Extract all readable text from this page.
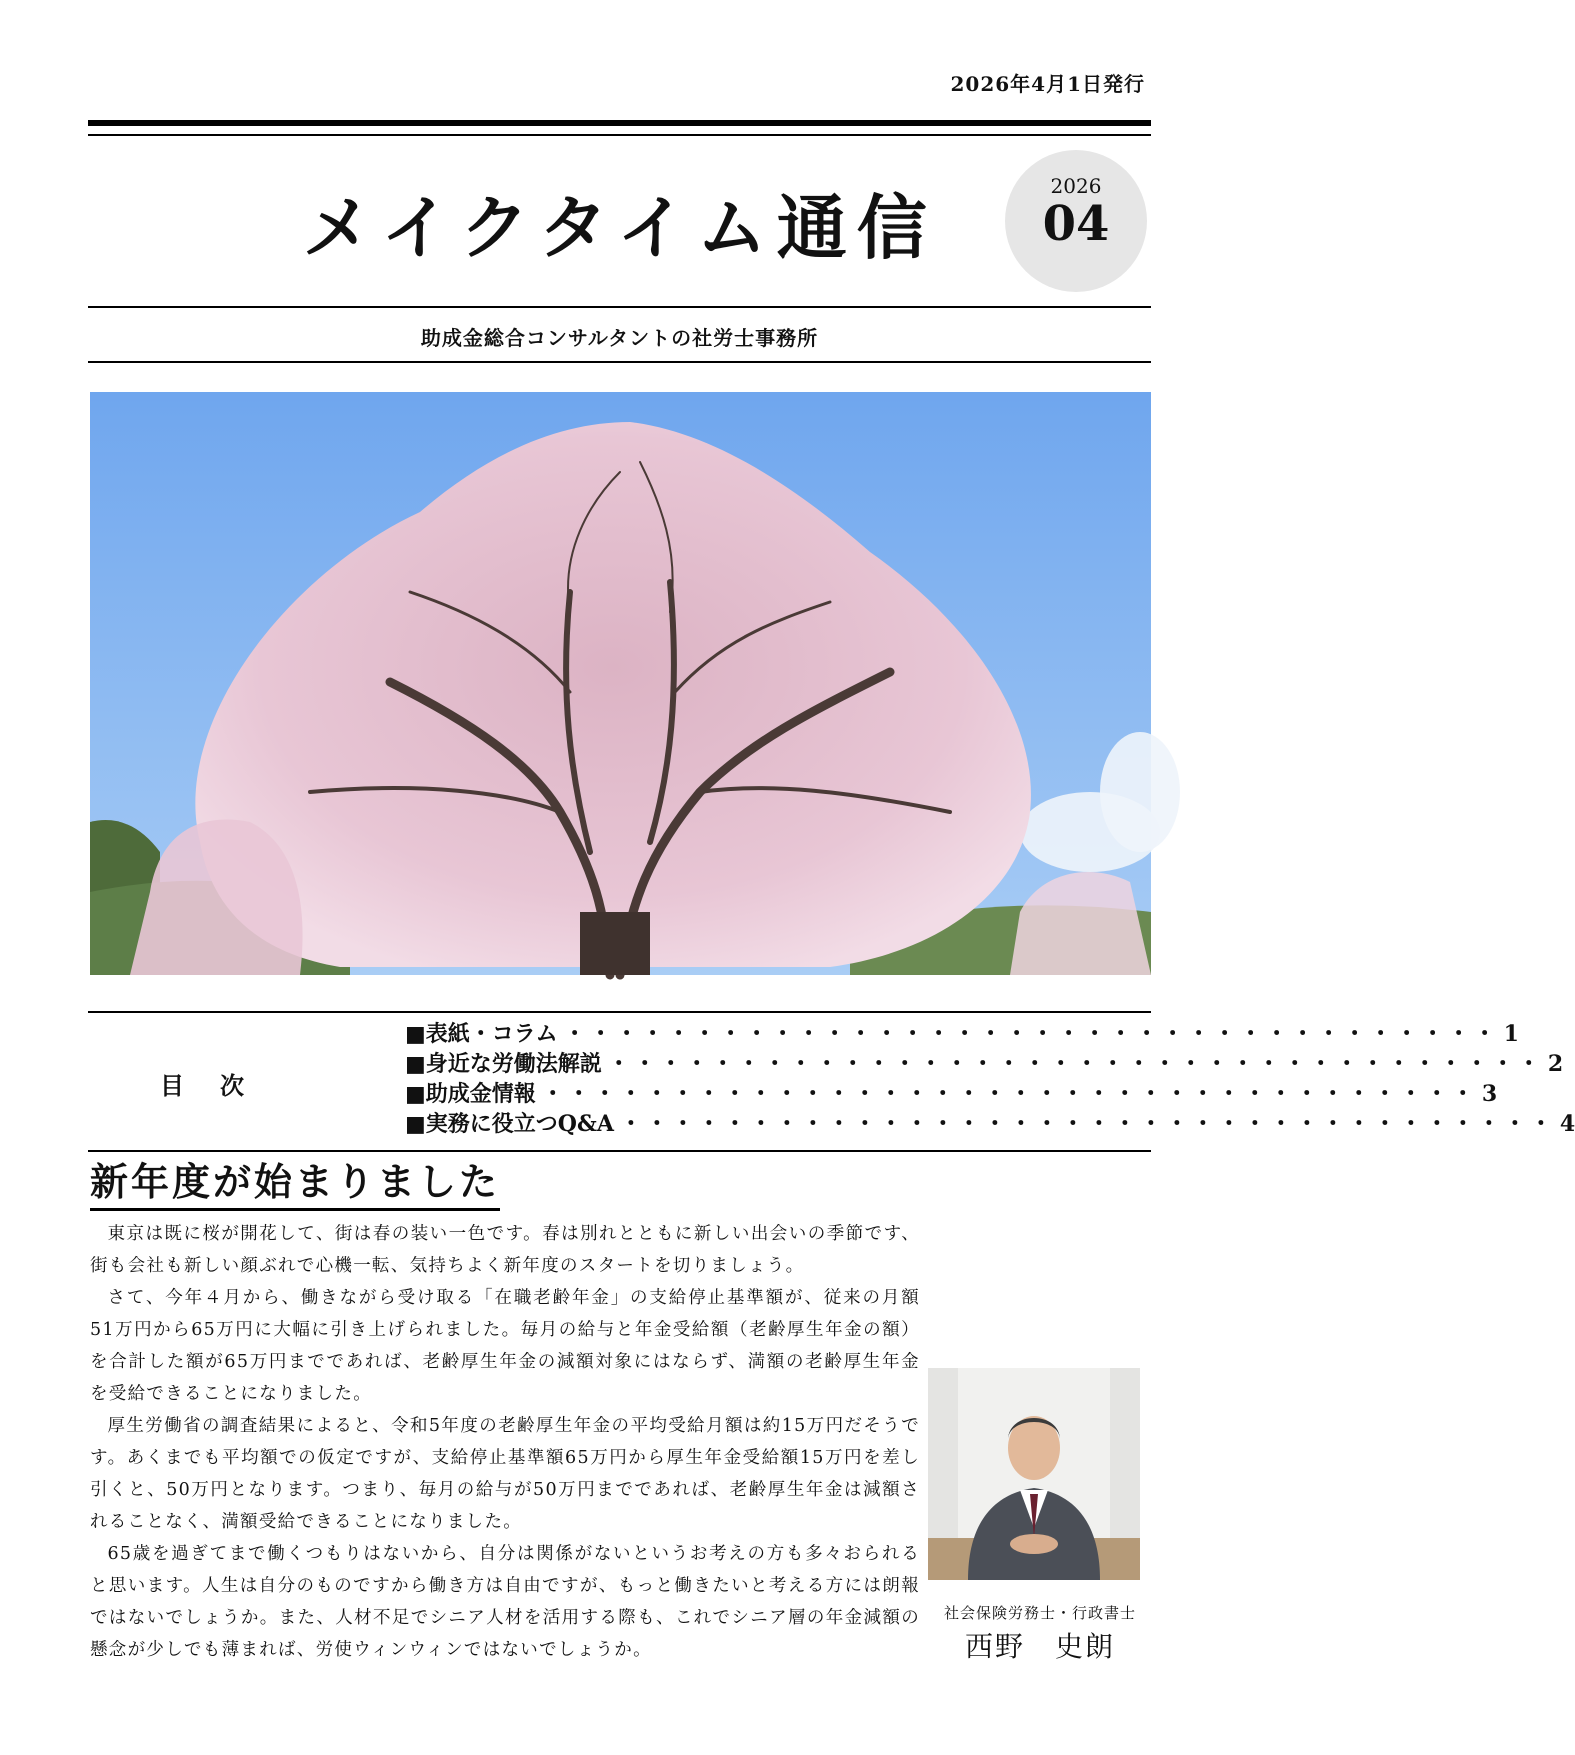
2026年4月1日発行
メイクタイム通信	2026
04
助成金総合コンサルタントの社労士事務所
目　次
■表紙・コラム ・・・・・・・・・・・・・・・・・・・・・・・・・・・・・・・・・・・・ 1
■身近な労働法解説 ・・・・・・・・・・・・・・・・・・・・・・・・・・・・・・・・・・・・ 2
■助成金情報 ・・・・・・・・・・・・・・・・・・・・・・・・・・・・・・・・・・・・ 3
■実務に役立つQ&A ・・・・・・・・・・・・・・・・・・・・・・・・・・・・・・・・・・・・ 4
新年度が始まりました

東京は既に桜が開花して、街は春の装い一色です。春は別れとともに新しい出会いの季節です、街も会社も新しい顔ぶれで心機一転、気持ちよく新年度のスタートを切りましょう。

さて、今年４月から、働きながら受け取る「在職老齢年金」の支給停止基準額が、従来の月額51万円から65万円に大幅に引き上げられました。毎月の給与と年金受給額（老齢厚生年金の額）を合計した額が65万円までであれば、老齢厚生年金の減額対象にはならず、満額の老齢厚生年金を受給できることになりました。

厚生労働省の調査結果によると、令和5年度の老齢厚生年金の平均受給月額は約15万円だそうです。あくまでも平均額での仮定ですが、支給停止基準額65万円から厚生年金受給額15万円を差し引くと、50万円となります。つまり、毎月の給与が50万円までであれば、老齢厚生年金は減額されることなく、満額受給できることになりました。

65歳を過ぎてまで働くつもりはないから、自分は関係がないというお考えの方も多々おられると思います。人生は自分のものですから働き方は自由ですが、もっと働きたいと考える方には朗報ではないでしょうか。また、人材不足でシニア人材を活用する際も、これでシニア層の年金減額の懸念が少しでも薄まれば、労使ウィンウィンではないでしょうか。

社会保険労務士・行政書士
西野　史朗
